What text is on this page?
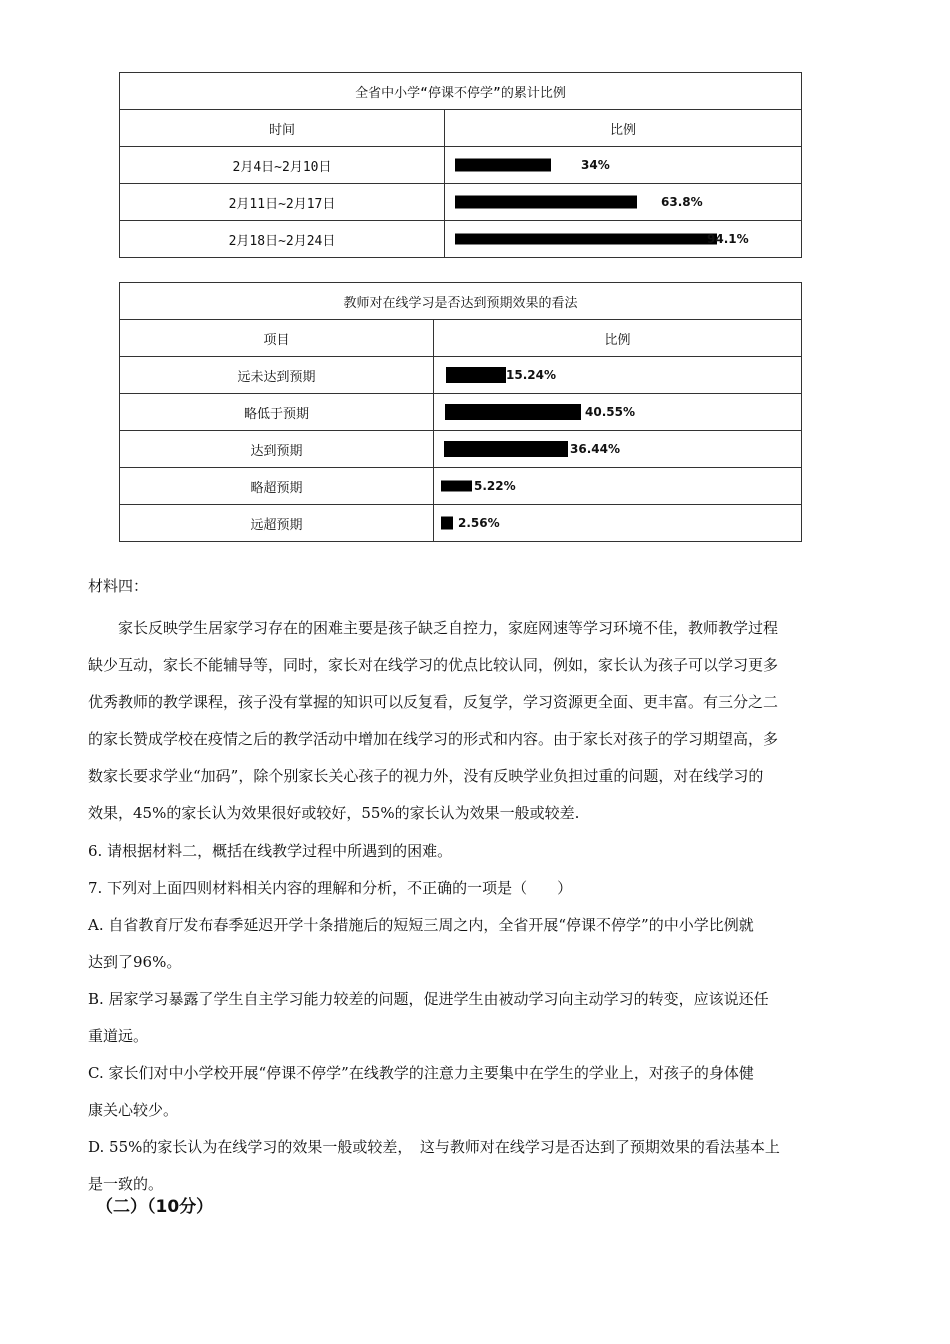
全省中小学“停课不停学”的累计比例	
时间	比例
2月4日~2月10日	34%

2月11日~2月17日	63.8%

2月18日~2月24日	94.1%
教师对在线学习是否达到预期效果的看法	
项目	比例
远未达到预期	15.24%

略低于预期	40.55%

达到预期	36.44%

略超预期	5.22%

远超预期	2.56%
材料四：
家长反映学生居家学习存在的困难主要是孩子缺乏自控力，家庭网速等学习环境不佳，教师教学过程
缺少互动，家长不能辅导等，同时，家长对在线学习的优点比较认同，例如，家长认为孩子可以学习更多
优秀教师的教学课程，孩子没有掌握的知识可以反复看，反复学，学习资源更全面、更丰富。有三分之二
的家长赞成学校在疫情之后的教学活动中增加在线学习的形式和内容。由于家长对孩子的学习期望高，多
数家长要求学业“加码”，除个别家长关心孩子的视力外，没有反映学业负担过重的问题，对在线学习的
效果，45%的家长认为效果很好或较好，55%的家长认为效果一般或较差.
6. 请根据材料二，概括在线教学过程中所遇到的困难。
7. 下列对上面四则材料相关内容的理解和分析，不正确的一项是（　　）
A. 自省教育厅发布春季延迟开学十条措施后的短短三周之内，全省开展“停课不停学”的中小学比例就
达到了96%。
B. 居家学习暴露了学生自主学习能力较差的问题，促进学生由被动学习向主动学习的转变，应该说还任
重道远。
C. 家长们对中小学校开展“停课不停学”在线教学的注意力主要集中在学生的学业上，对孩子的身体健
康关心较少。
D. 55%的家长认为在线学习的效果一般或较差，　这与教师对在线学习是否达到了预期效果的看法基本上
是一致的。
（二）（10分）
